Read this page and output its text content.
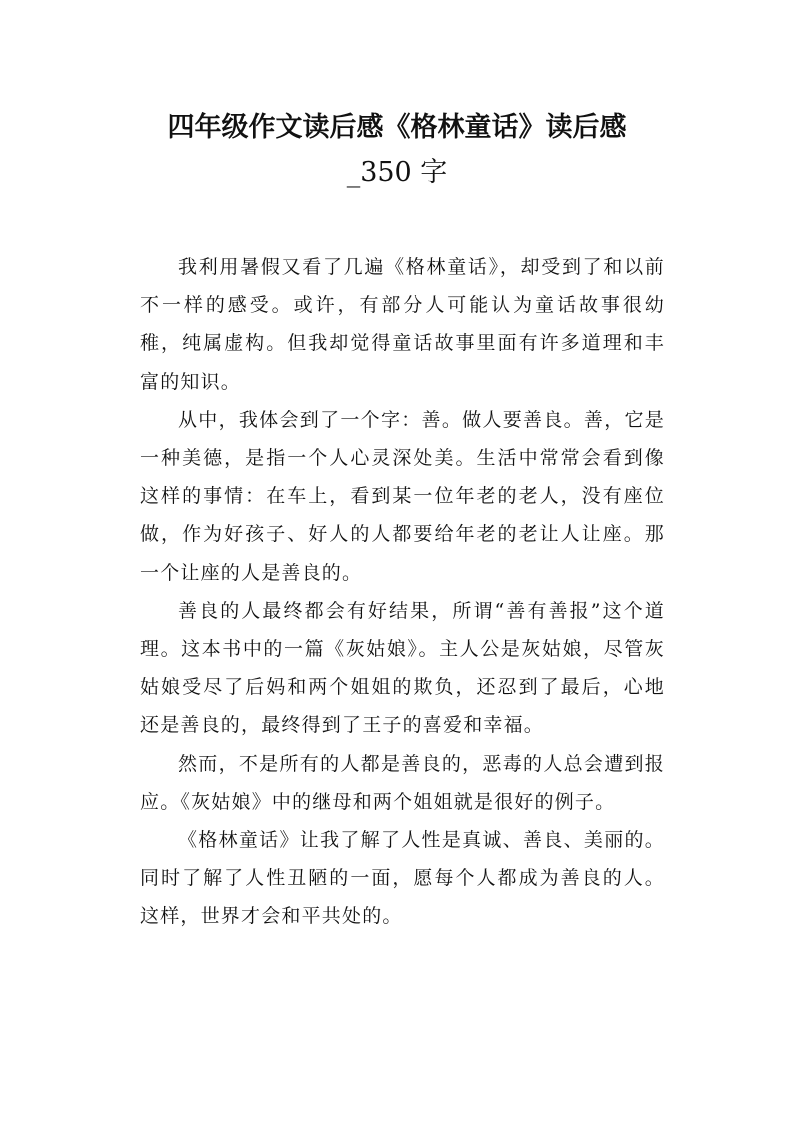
四年级作文读后感《格林童话》读后感
_350 字

我利用暑假又看了几遍《格林童话》，却受到了和以前不一样的感受。或许，有部分人可能认为童话故事很幼稚，纯属虚构。但我却觉得童话故事里面有许多道理和丰富的知识。

从中，我体会到了一个字：善。做人要善良。善，它是一种美德，是指一个人心灵深处美。生活中常常会看到像这样的事情：在车上，看到某一位年老的老人，没有座位做，作为好孩子、好人的人都要给年老的老让人让座。那一个让座的人是善良的。

善良的人最终都会有好结果，所谓“善有善报”这个道理。这本书中的一篇《灰姑娘》。主人公是灰姑娘，尽管灰姑娘受尽了后妈和两个姐姐的欺负，还忍到了最后，心地还是善良的，最终得到了王子的喜爱和幸福。

然而，不是所有的人都是善良的，恶毒的人总会遭到报应。《灰姑娘》中的继母和两个姐姐就是很好的例子。

《格林童话》让我了解了人性是真诚、善良、美丽的。同时了解了人性丑陋的一面，愿每个人都成为善良的人。这样，世界才会和平共处的。
